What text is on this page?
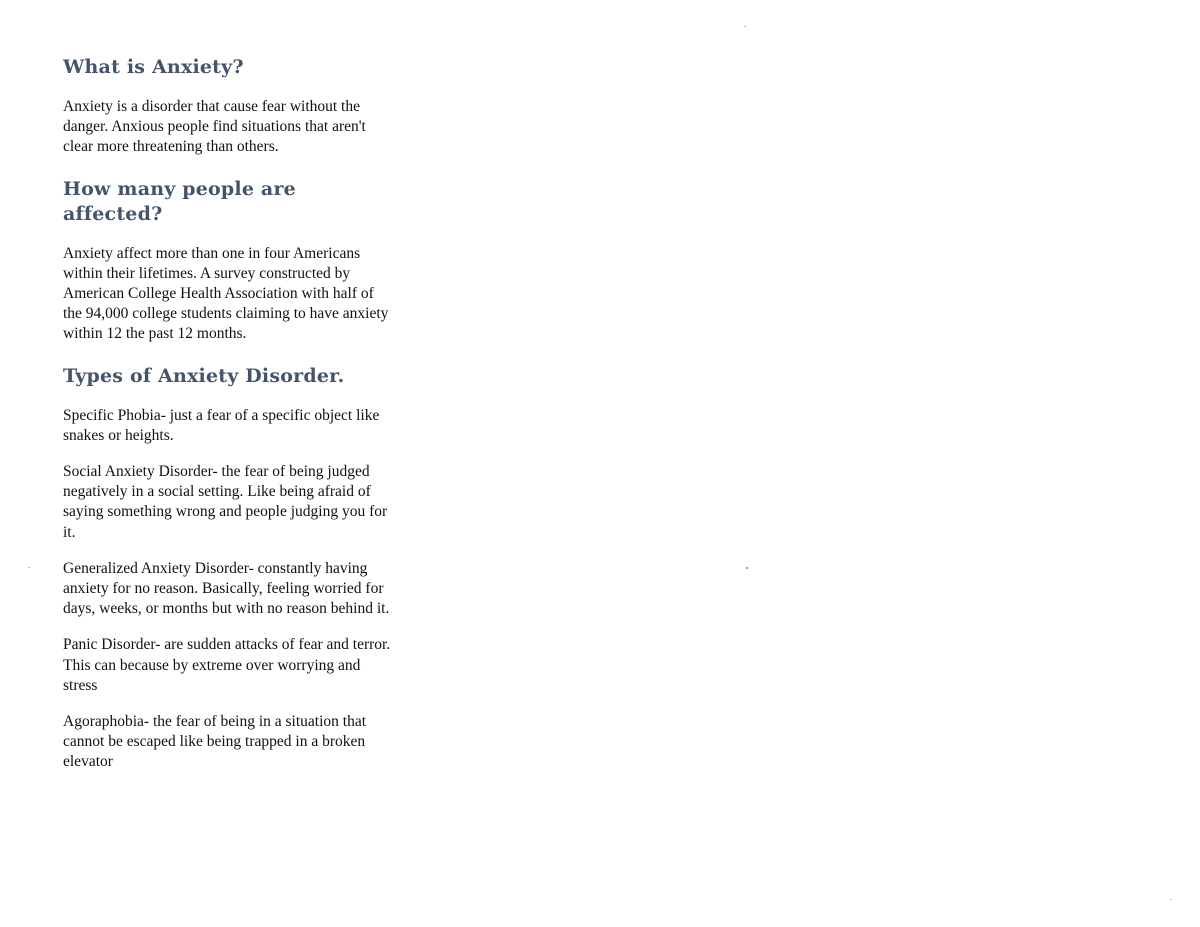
What is Anxiety?

Anxiety is a disorder that cause fear without the danger. Anxious people find situations that aren't clear more threatening than others.

How many people are affected?

Anxiety affect more than one in four Americans within their lifetimes. A survey constructed by American College Health Association with half of the 94,000 college students claiming to have anxiety within 12 the past 12 months.

Types of Anxiety Disorder.

Specific Phobia- just a fear of a specific object like snakes or heights.

Social Anxiety Disorder- the fear of being judged negatively in a social setting. Like being afraid of saying something wrong and people judging you for it.

Generalized Anxiety Disorder- constantly having anxiety for no reason. Basically, feeling worried for days, weeks, or months but with no reason behind it.

Panic Disorder- are sudden attacks of fear and terror. This can because by extreme over worrying and stress

Agoraphobia- the fear of being in a situation that cannot be escaped like being trapped in a broken elevator
